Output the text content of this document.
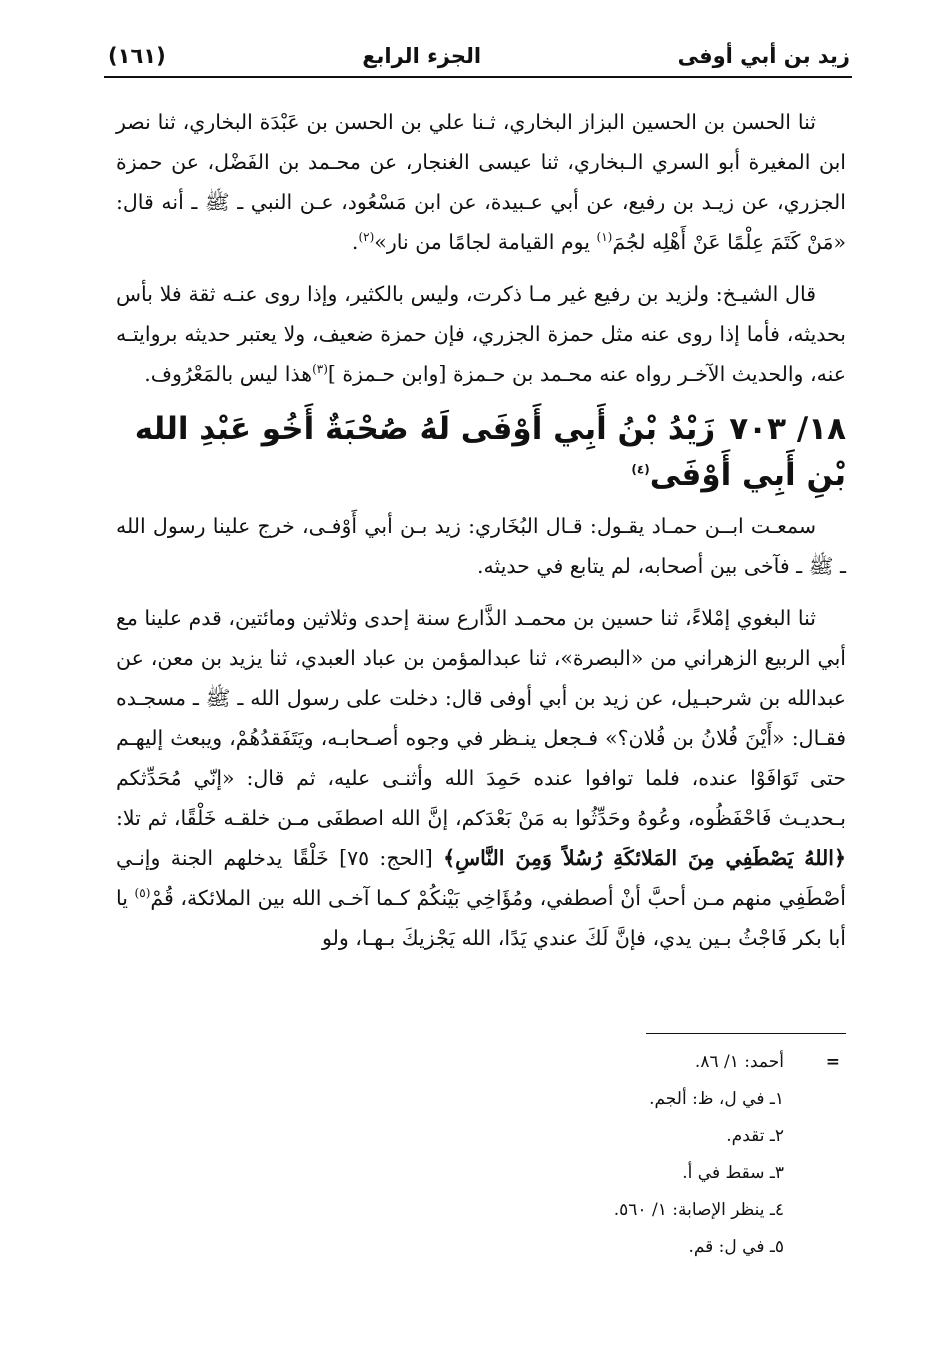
زيد بن أبي أوفى
الجزء الرابع
(١٦١)

ثنا الحسن بن الحسين البزاز البخاري، ثـنا علي بن الحسن بن عَبْدَة البخاري، ثنا نصر ابن المغيرة أبو السري الـبخاري، ثنا عيسى الغنجار، عن محـمد بن الفَضْل، عن حمزة الجزري، عن زيـد بن رفيع، عن أبي عـبيدة، عن ابن مَسْعُود، عـن النبي ـ ﷺ ـ أنه قال: «مَنْ كَتَمَ عِلْمًا عَنْ أَهْلِه لجُمَ$^{(١)}$ يوم القيامة لجامًا من نار»$^{(٢)}$.

قال الشيـخ: ولزيد بن رفيع غير مـا ذكرت، وليس بالكثير، وإذا روى عنـه ثقة فلا بأس بحديثه، فأما إذا روى عنه مثل حمزة الجزري، فإن حمزة ضعيف، ولا يعتبر حديثه بروايتـه عنه، والحديث الآخـر رواه عنه محـمد بن حـمزة [وابن حـمزة ]$^{(٣)}$هذا ليس بالمَعْرُوف.

١٨/ ٧٠٣زَيْدُ بْنُ أَبِي أَوْفَى لَهُ صُحْبَةٌ أَخُو عَبْدِ الله بْنِ أَبِي أَوْفَى$^{(٤)}$

سمعـت ابــن حمـاد يقـول: قـال البُخَاري: زيد بـن أبي أَوْفـى، خرج علينا رسول الله ـ ﷺ ـ فآخى بين أصحابه، لم يتابع في حديثه.

ثنا البغوي إمْلاءً، ثنا حسين بن محمـد الذَّارع سنة إحدى وثلاثين ومائتين، قدم علينا مع أبي الربيع الزهراني من «البصرة»، ثنا عبدالمؤمن بن عباد العبدي، ثنا يزيد بن معن، عن عبدالله بن شرحبـيل، عن زيد بن أبي أوفى قال: دخلت على رسول الله ـ ﷺ ـ مسجـده فقـال: «أَيْنَ فُلانُ بن فُلان؟» فـجعل ينـظر في وجوه أصـحابـه، ويَتَفَقدُهُمْ، ويبعث إليهـم حتى تَوَافَوْا عنده، فلما توافوا عنده حَمِدَ الله وأثنـى عليه، ثم قال: «إنّي مُحَدِّثكم بـحديـث فَاحْفَظُوه، وعُوهُ وحَدِّثُوا به مَنْ بَعْدَكم، إنَّ الله اصطفَى مـن خلقـه خَلْقًا، ثم تلا: ﴿اللهُ يَصْطَفِي مِنَ المَلائكَةِ رُسُلاً وَمِنَ النَّاسِ﴾ [الحج: ٧٥] خَلْقًا يدخلهم الجنة وإنـي أصْطَفِي منهم مـن أحبَّ أنْ أصطفي، ومُؤَاخِي بَيْنكُمْ كـما آخـى الله بين الملائكة، قُمْ$^{(٥)}$ يا أبا بكر فَاجْثُ بـين يدي، فإنَّ لَكَ عندي يَدًا، الله يَجْزيكَ بـهـا، ولو

=أحمد: ١/ ٨٦.
١ـ في ل، ظ: ألجم.
٢ـ تقدم.
٣ـ سقط في أ.
٤ـ ينظر الإصابة: ١/ ٥٦٠.
٥ـ في ل: قم.
